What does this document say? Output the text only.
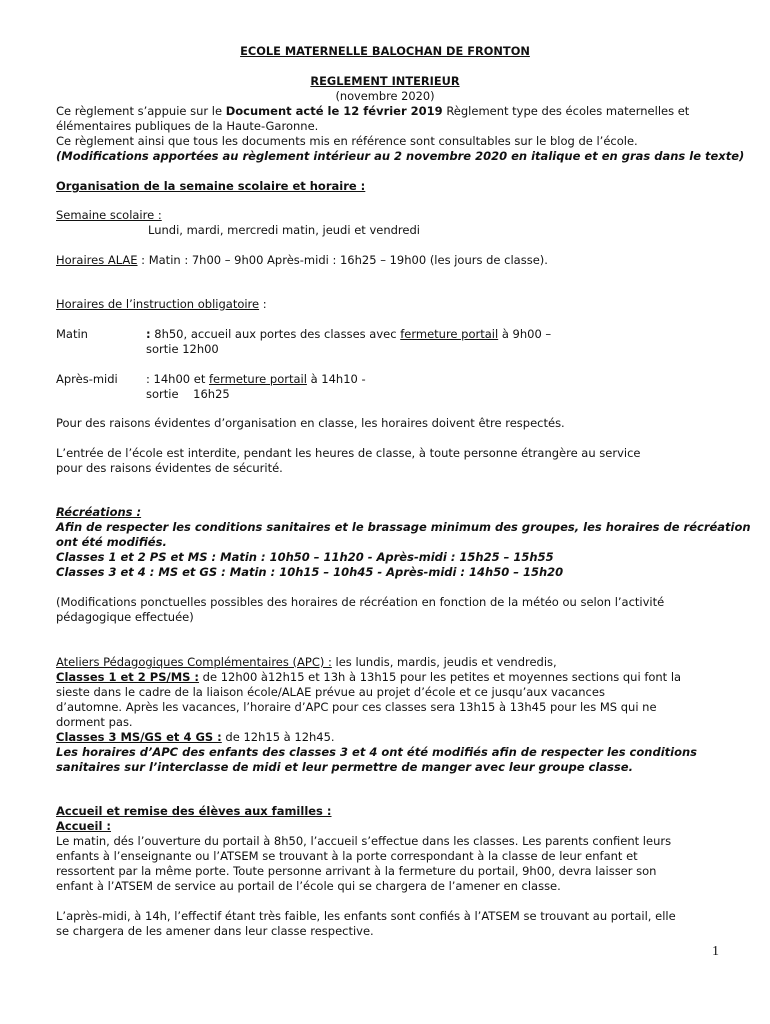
ECOLE MATERNELLE BALOCHAN DE FRONTON
REGLEMENT INTERIEUR
(novembre 2020)
Ce règlement s’appuie sur le Document acté le 12 février 2019 Règlement type des écoles maternelles et
élémentaires publiques de la Haute-Garonne.
Ce règlement ainsi que tous les documents mis en référence sont consultables sur le blog de l’école.
(Modifications apportées au règlement intérieur au 2 novembre 2020 en italique et en gras dans le texte)
Organisation de la semaine scolaire et horaire :
Semaine scolaire :
Lundi, mardi, mercredi matin, jeudi et vendredi
Horaires ALAE : Matin : 7h00 – 9h00 Après-midi : 16h25 – 19h00 (les jours de classe).
Horaires de l’instruction obligatoire :
Matin	: 8h50, accueil aux portes des classes avec fermeture portail à 9h00 –
sortie 12h00
Après-midi : 14h00 et fermeture portail à 14h10 -
sortie    16h25
Pour des raisons évidentes d’organisation en classe, les horaires doivent être respectés.
L’entrée de l’école est interdite, pendant les heures de classe, à toute personne étrangère au service
pour des raisons évidentes de sécurité.
Récréations :
Afin de respecter les conditions sanitaires et le brassage minimum des groupes, les horaires de récréation
ont été modifiés.
Classes 1 et 2 PS et MS : Matin : 10h50 – 11h20 - Après-midi : 15h25 – 15h55
Classes 3 et 4 : MS et GS : Matin : 10h15 – 10h45 - Après-midi : 14h50 – 15h20
(Modifications ponctuelles possibles des horaires de récréation en fonction de la météo ou selon l’activité
pédagogique effectuée)
Ateliers Pédagogiques Complémentaires (APC) : les lundis, mardis, jeudis et vendredis,
Classes 1 et 2 PS/MS : de 12h00 à12h15 et 13h à 13h15 pour les petites et moyennes sections qui font la
sieste dans le cadre de la liaison école/ALAE prévue au projet d’école et ce jusqu’aux vacances
d’automne. Après les vacances, l’horaire d’APC pour ces classes sera 13h15 à 13h45 pour les MS qui ne
dorment pas.
Classes 3 MS/GS et 4 GS : de 12h15 à 12h45.
Les horaires d’APC des enfants des classes 3 et 4 ont été modifiés afin de respecter les conditions
sanitaires sur l’interclasse de midi et leur permettre de manger avec leur groupe classe.
Accueil et remise des élèves aux familles :
Accueil :
Le matin, dés l’ouverture du portail à 8h50, l’accueil s’effectue dans les classes. Les parents confient leurs
enfants à l’enseignante ou l’ATSEM se trouvant à la porte correspondant à la classe de leur enfant et
ressortent par la même porte. Toute personne arrivant à la fermeture du portail, 9h00, devra laisser son
enfant à l’ATSEM de service au portail de l’école qui se chargera de l’amener en classe.
L’après-midi, à 14h, l’effectif étant très faible, les enfants sont confiés à l’ATSEM se trouvant au portail, elle
se chargera de les amener dans leur classe respective.
1
